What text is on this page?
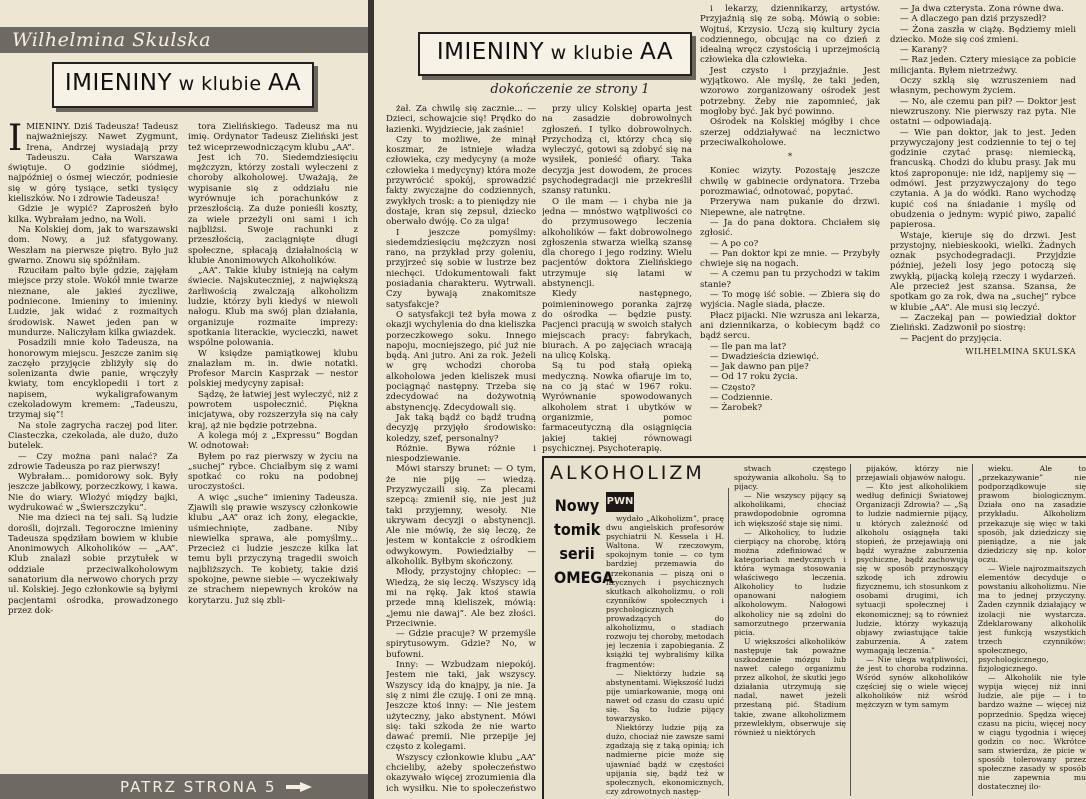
Wilhelmina Skulska
IMIENINY w klubie AA

IMIENINY. Dziś Tadeusza! Tadeusz najważniejszy. Nawet Zygmunt, Irena, Andrzej wysiadają przy Tadeuszu. Cała Warszawa świętuje. O godzinie siódmej, najpóźniej o ósmej wieczór, podniesie się w górę tysiące, setki tysięcy kieliszków. No i zdrowie Tadeusza!

Gdzie je wypić? Zaprosżeń było kilka. Wybrałam jedno, na Woli.

Na Kolskiej dom, jak to warszawski dom. Nowy, a już sfatygowany. Weszłam na pierwsze piętro. Było już gwarno. Znowu się spóźniłam.

Rzuciłam palto byle gdzie, zajęłam miejsce przy stole. Wokół mnie twarze nieznane, ale jakieś życzliwe, podniecone. Imieniny to imieniny. Ludzie, jak widać z rozmaitych środowisk. Nawet jeden pan w mundurze. Naliczyłam kilka gwiazdek.

Posadzili mnie koło Tadeusza, na honorowym miejscu. Jeszcze zanim się zaczęło przyjęcie zbliżyły się do solenizanta dwie panie, wręczyły kwiaty, tom encyklopedii i tort z napisem, wykaligrafowanym czekoladowym kremem: „Tadeuszu, trzymaj się”!

Na stole zagrycha raczej pod liter. Ciasteczka, czekolada, ale dużo, dużo butelek.

— Czy można pani nalać? Za zdrowie Tadeusza po raz pierwszy!

Wybrałam... pomidorowy sok. Były jeszcze jabłkowy, porzeczkowy, i kawa. Nie do wiary. Wlożyć między bajki, wydrukować w „Świerszczyku”.

Nie ma dzieci na tej sali. Są ludzie dorośli, dojrzali. Tegoroczne imieniny Tadeusza spędziłam bowiem w klubie Anonimowych Alkoholików — „AA”. Klub znalazł sobie przytułek w oddziale przeciwalkoholowym sanatorium dla nerwowo chorych przy ul. Kolskiej. Jego członkowie są byłymi pacjentami ośrodka, prowadzonego przez dok-

tora Zielińskiego. Tadeusz ma nu imię. Ordynator Tadeusz Zieliński jest też wiceprzewodniczącym klubu „AA”.

Jest ich 70. Siedemdziesięciu mężczyzn, którzy zostali wyleczeni z choroby alkoholowej. Uważają, że wypisanie się z oddziału nie wyrównuje ich porachunków z przeszłością. Za duże ponieśli koszty, za wiele przeżyli oni sami i ich najbliżsi. Swoje rachunki z przeszłością, zaciągnięte długi społeczne, spłacają działalnością w klubie Anonimowych Alkoholików.

„AA”. Takie kluby istnieją na całym świecie. Najskuteczniej, z największą żarliwością zwalczają alkoholizm ludzie, którzy byli kiedyś w niewoli nałogu. Klub ma swój plan działania, organizuje rozmaite imprezy: spotkania literackie, wycieczki, nawet wspólne polowania.

W księdze pamiątkowej klubu znalazłam m. in. dwie notatki. Profesor Marcin Kasprzak — nestor polskiej medycyny zapisał:

Sądzę, że łatwiej jest wyleczyć, niż z powrotem uspołecznić. Piękna inicjatywa, oby rozszerzyła się na cały kraj, ąż nie będzie potrzebna.

A kolega mój z „Expressu” Bogdan W. odnotował:

Byłem po raz pierwszy w życiu na „suchej” rybce. Chciałbym się z wami spotkać co roku na podobnej uroczystości.

A więc „suche” imieniny Tadeusza. Zjawili się prawie wszyscy członkowie klubu „AA” oraz ich żony, elegackie, uśmiechnięte, zadbane. Niby niewielka sprawa, ale pomyślmy... Przecież ci ludzie jeszcze kilka lat temu byli przyczyną tragedii swoich najbliższych. Te kobiety, takie dziś spokojne, pewne siebie — wyczekiwały ze strachem niepewnych kroków na korytarzu. Już się zbli-

PATRZ STRONA 5
IMIENINY w klubie AA
dokończenie ze strony 1

żał. Za chwilę się zacznie... — Dzieci, schowajcie się! Prędko do łazienki. Wyjdziecie, jak zaśnie!

Czy to możliwe, że minął koszmar, że istnieje władza człowieka, czy medycyny (a może człowieka i medycyny) która może przywrócić spokój, sprowadzić fakty zwyczajne do codziennych, zwykłych trosk: a to pieniędzy nie dostaje, kran się zepsuł, dziecko oberwało dwóję. Co za ulga!

I jeszcze pomyślmy: siedemdziesięciu mężczyzn nosi rano, na przykład przy goleniu, przyjrzeć się sobie w lustrze bez niechęci. Udokumentowali fakt posiadania charakteru. Wytrwali. Czy bywają znakomitsze satysfakcje?

O satysfakcji też była mowa z okazji wychylenia do dna kieliszka porzeczkowego soku. Innego napoju, mocniejszego, pić już nie będą. Ani jutro. Ani za rok. Jeżeli w grę wchodzi choroba alkoholowa jeden kieliszek musi pociągnąć następny. Trzeba się zdecydować na dożywotnią abstynencję. Zdecydowali się.

Jak taką bądź co bądź trudną decyzję przyjęło środowisko: koledzy, szef, personalny?

Różnie. Bywa różnie i niespodziewanie.

Mówi starszy brunet: — O tym, że nie piję — wiedzą. Przyzwyczaili się. Za plecami szepcą: zmienił się, nie jest już taki przyjemny, wesoły. Nie ukrywam decyzji o abstynencji. Ale nie mówię, że się leczę, że jestem w kontakcie z ośrodkiem odwykowym. Powiedziałby — alkoholik. Byłbym skończony.

Młody, przystojny chłopiec: — Wiedzą, że się leczę. Wszyscy idą mi na rękę. Jak ktoś stawia przede mną kieliszek, mówią: „jemu nie dawaj”. Ale bez złości. Przeciwnie.

— Gdzie pracuje? W przemyśle spirytusowym. Gdzie? No, w bufowni.

Inny: — Wzbudzam niepokój. Jestem nie taki, jak wszyscy. Wszyscy idą do knajpy, ja nie. Ja się z nimi źle czuję. I oni ze mną. Jeszcze ktoś inny: — Nie jestem użyteczny, jako abstynent. Mówi się: taki szkoda że nie warto dawać premii. Nie przepije jej często z kolegami.

Wszyscy członkowie klubu „AA” chcieliby, ażeby społeczeństwo okazywało więcej zrozumienia dla ich wysiłku. Nie to społeczeństwo

przy ulicy Kolskiej oparta jest na zasadzie dobrowolnych zgłoszeń. I tylko dobrowolnych. Przychodzą ci, którzy chcą się wyleczyć, gotowi są zdobyć się na wysiłek, ponieść ofiary. Taka decyzja jest dowodem, że proces psychodegradacji nie przekreślił szansy ratunku.

O ile mam — i chyba nie ja jedna — mnóstwo wątpliwości co do przymusowego leczenia alkoholików — fakt dobrowolnego zgłoszenia stwarza wielką szansę dla chorego i jego rodziny. Wielu pacjentów doktora Zielińskiego utrzymuje się latami w abstynencji.

Kiedy następnego, poimieninowego poranka zajrzę do ośrodka — będzie pusty. Pacjenci pracują w swoich stałych miejscach pracy: fabrykach, biurach. A po zajęciach wracają na ulicę Kolską.

Są tu pod stałą opieką medyczną. Nowka ofiaruje im to, na co ją stać w 1967 roku. Wyrównanie spowodowanych alkoholem strat i ubytków w organizmie, pomoc farmaceutyczną dla osiągnięcia jakiej takiej równowagi psychicznej. Psychoterapię.

i lekarzy, dziennikarzy, artystów. Przyjaźnią się ze sobą. Mówią o sobie: Wojtuś, Krzysio. Uczą się kultury życia codziennego, obcując na co dzień z idealną wręcz czystością i uprzejmością człowieka dla człowieka.

Jest czysto i przyjaźnie. Jest wyjątkowo. Ale myślę, że taki jeden, wzorowo zorganizowany ośrodek jest potrzebny. Żeby nie zapomnieć, jak mogłoby być. Jak być powinno.

Ośrodek na Kolskiej mógłby i chce szerzej oddziaływać na lecznictwo przeciwalkoholowe.

*

Koniec wizyty. Pozostaję jeszcze chwilę w gabinecie ordynatora. Trzeba porozmawiać, odnotować, popytać.

Przerywa nam pukanie do drzwi. Niepewne, ale natrętne.

— Ja do pana doktora. Chciałem się zgłosić.

— A po co?

— Pan doktor kpi ze mnie. — Przybyły chwieje się na nogach.

— A czemu pan tu przychodzi w takim stanie?

— To mogę iść sobie. — Zbiera się do wyjścia. Nagle siada, płacze.

Płacz pijacki. Nie wzrusza ani lekarza, ani dziennikarza, o kobiecym bądź co bądź sercu.

— Ile pan ma lat?

— Dwadzieścia dziewięć.

— Jak dawno pan pije?

— Od 17 roku życia.

— Często?

— Codziennie.

— Żarobek?

— Ja dwa czterysta. Żona równe dwa.

— A dlaczego pan dziś przyszedł?

— Żona zaszła w ciążę. Będziemy mieli dziecko. Może się coś zmieni.

— Karany?

— Raz jeden. Cztery miesiące za pobicie milicjanta. Byłem nietrzeźwy.

Oczy szklą się wzruszeniem nad własnym, pechowym życiem.

— No, ale czemu pan pił? — Doktor jest niewzruszony. Nie pierwszy raz pyta. Nie ostatni — odpowiadają.

— Wie pan doktor, jak to jest. Jeden przywyczajony jest codziennie to tej o tej godzinie czytać prasę: niemiecką, francuską. Chodzi do klubu prasy. Jak mu ktoś zaproponuje: nie idź, napijemy się — odmówi. Jest przyzwyczajony do tego czytania. A ja do wódki. Rano wychodzę kupić coś na śniadanie i myślę od obudzenia o jednym: wypić piwo, zapalić papierosa.

Wstaje, kieruje się do drzwi. Jest przystojny, niebieskooki, wielki. Żadnych oznak psychodegradacji. Przyjdzie później, jeżeli losy jego potoczą się zwykłą, pijacką koleją rzeczy i wydarzeń. Ale przecież jest szansa. Szansa, że spotkam go za rok, dwa na „suchej” rybce w klubie „AA”. Ale musi się leczyć.

— Zaczekaj pan — powiedział doktor Zieliński. Zadzwonił po siostrę:

— Pacjent do przyjęcia.

WILHELMINA SKULSKA
ALKOHOLIZM
Nowy
tomik
serii
OMEGA
PWN

wydało „Alkoholizm”, pracę dwu angielskich profesorów psychiatrii N. Kessela i H. Waltona. W rzeczowym, spokojnym tonie — co tym bardziej przemawia do przekonania — piszą oni o fizycznych i psychicznych skutkach alkoholizmu, o roli czynników społecznych i psychologicznych prowadzących do alkoholizmu, o stadiach rozwoju tej choroby, metodach jej leczenia i zapobiegania. Z książki tej wybraliśmy kilka fragmentów:

— Niektórzy ludzie są abstynentami. Większość ludzi pije umiarkowanie, mogą oni nawet od czasu do czasu upić się. Są to ludzie pijący towarzysko.

Niektórzy ludzie piją za dużo, chociaż nie zawsze sami zgadzają się z taką opinią; ich nadmierne picie może się ujawniać bądź w częstości upijania się, bądź też w społecznych, ekonomicznych, czy zdrowotnych następ-

stwach częstego spożywania alkoholu. Są to pijacy.

— Nie wszyscy pijący są alkoholikami, chociaż prawdopodobnie ogromna ich większość staje się nimi.

— Alkoholicy, to ludzie cierpiący na chorobę, którą można zdefiniować w kategoriach medycznych i która wymaga stosowania właściwego leczenia. Alkoholicy to ludzie opanowani nałogiem alkoholowym. Nałogowi alkoholicy nie są zdolni do samorzutnego przerwania picia.

U większości alkoholików następuje tak poważne uszkodzenie mózgu lub nawet całego organizmu przez alkohol, że skutki jego działania utrzymują się nadal, nawet jeżeli przestaną pić. Stadium takie, zwane alkoholizmem przewlekłym, obserwuje się również u niektórych

pijaków, którzy nie przejawiali objawów nałogu.

— Kto jest alkoholikiem według definicji Światowej Organizacji Zdrowia? — „Są to ludzie nadmiernie pijący, u których zależność od alkoholu osiągnęła taki stopień, że przejawiają oni bądź wyraźne zaburzenia psychiczne, bądź zachowują się w sposób przynoszący szkodę ich zdrowiu fizycznemu, ich stosunkom z osobami drugimi, ich sytuacji społecznej i ekonomicznej; są to również ludzie, którzy wykazują objawy zwiastujące takie zaburzenia. A zatem wymagają leczenia.”

— Nie ulega wątpliwości, że jest to choroba rodzinna. Wśród synów alkoholików częściej się o wiele więcej alkoholików niż wśród mężczyzn w tym samym

wieku. Ale to „przekazywanie” nie podporządkowuje się prawom biologicznym. Działa ono na zasadzie przykładu. Alkoholizm przekazuje się więc w taki sposób, jak dziedziczy się pieniądze, a nie jak dziedziczy się np. kolor oczu.

— Wiele najrozmaitszych elementów decyduje o powstaniu alkoholizmu. Nie ma to jednej przyczyny. Żaden czynnik działający w izolacji nie wystarcza. Zdeklarowany alkoholik jest funkcją wszystkich trzech czynników: społecznego, psychologicznego, fizjologicznego.

— Alkoholik nie tyle wypija więcej niż inni ludzie, ale pije — i to bardzo ważne — więcej niż poprzednio. Spędza więcej czasu na piciu, więcej nocy w ciągu tygodnia i więcej godzin co noc. Wkrótce sam stwierdza, że picie w sposób tolerowany przez społeczne zasady w sposób nie zapewnia mu dostatecznej ilo-
